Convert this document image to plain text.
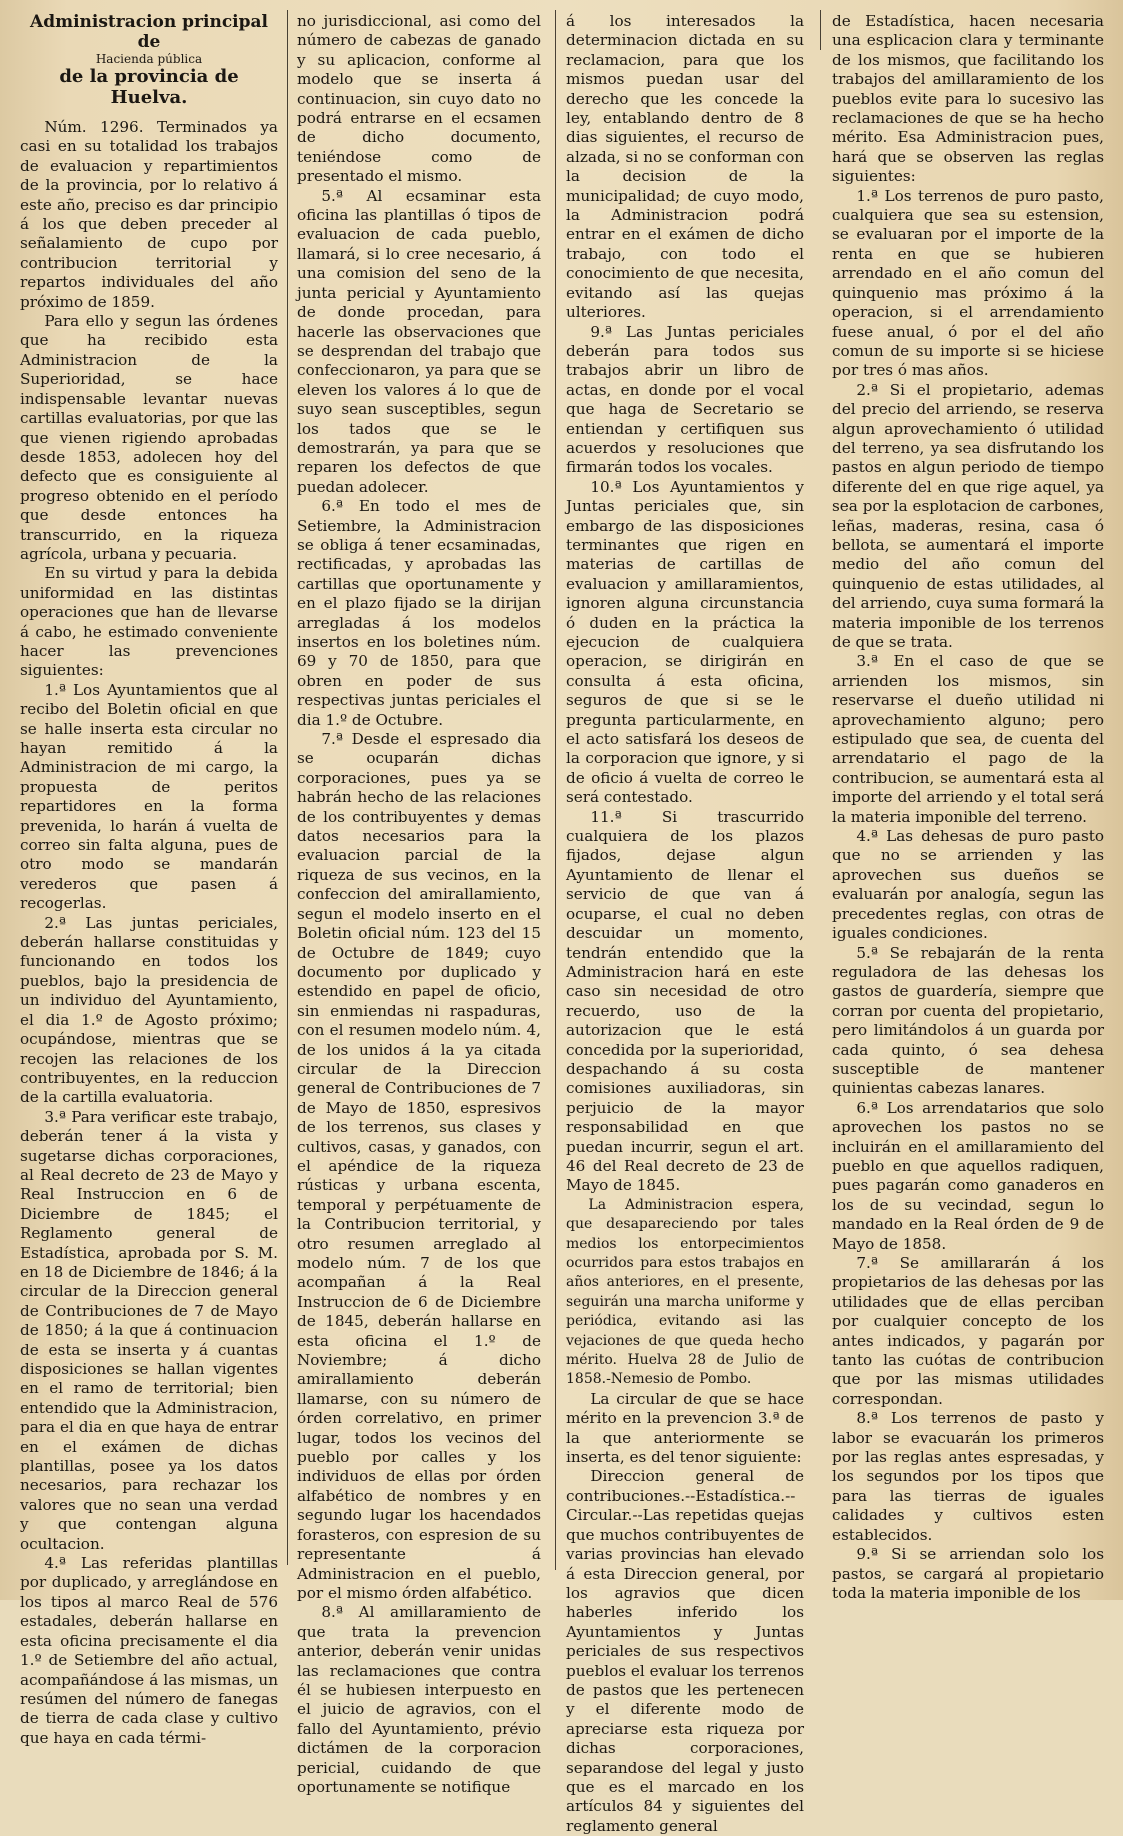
Administracion principal de
Hacienda pública
de la provincia de Huelva.

Núm. 1296. Terminados ya casi en su totalidad los trabajos de evaluacion y repartimientos de la provincia, por lo relativo á este año, preciso es dar principio á los que deben preceder al señalamiento de cupo por contribucion territorial y repartos individuales del año próximo de 1859.

Para ello y segun las órdenes que ha recibido esta Administracion de la Superioridad, se hace indispensable levantar nuevas cartillas evaluatorias, por que las que vienen rigiendo aprobadas desde 1853, adolecen hoy del defecto que es consiguiente al progreso obtenido en el período que desde entonces ha transcurrido, en la riqueza agrícola, urbana y pecuaria.

En su virtud y para la debida uniformidad en las distintas operaciones que han de llevarse á cabo, he estimado conveniente hacer las prevenciones siguientes:

1.ª Los Ayuntamientos que al recibo del Boletin oficial en que se halle inserta esta circular no hayan remitido á la Administracion de mi cargo, la propuesta de peritos repartidores en la forma prevenida, lo harán á vuelta de correo sin falta alguna, pues de otro modo se mandarán verederos que pasen á recogerlas.

2.ª Las juntas periciales, deberán hallarse constituidas y funcionando en todos los pueblos, bajo la presidencia de un individuo del Ayuntamiento, el dia 1.º de Agosto próximo; ocupándose, mientras que se recojen las relaciones de los contribuyentes, en la reduccion de la cartilla evaluatoria.

3.ª Para verificar este trabajo, deberán tener á la vista y sugetarse dichas corporaciones, al Real decreto de 23 de Mayo y Real Instruccion en 6 de Diciembre de 1845; el Reglamento general de Estadística, aprobada por S. M. en 18 de Diciembre de 1846; á la circular de la Direccion general de Contribuciones de 7 de Mayo de 1850; á la que á continuacion de esta se inserta y á cuantas disposiciones se hallan vigentes en el ramo de territorial; bien entendido que la Administracion, para el dia en que haya de entrar en el exámen de dichas plantillas, posee ya los datos necesarios, para rechazar los valores que no sean una verdad y que contengan alguna ocultacion.

4.ª Las referidas plantillas por duplicado, y arreglándose en los tipos al marco Real de 576 estadales, deberán hallarse en esta oficina precisamente el dia 1.º de Setiembre del año actual, acompañándose á las mismas, un resúmen del número de fanegas de tierra de cada clase y cultivo que haya en cada térmi-

no jurisdiccional, asi como del número de cabezas de ganado y su aplicacion, conforme al modelo que se inserta á continuacion, sin cuyo dato no podrá entrarse en el ecsamen de dicho documento, teniéndose como de presentado el mismo.

5.ª Al ecsaminar esta oficina las plantillas ó tipos de evaluacion de cada pueblo, llamará, si lo cree necesario, á una comision del seno de la junta pericial y Ayuntamiento de donde procedan, para hacerle las observaciones que se desprendan del trabajo que confeccionaron, ya para que se eleven los valores á lo que de suyo sean susceptibles, segun los tados que se le demostrarán, ya para que se reparen los defectos de que puedan adolecer.

6.ª En todo el mes de Setiembre, la Administracion se obliga á tener ecsaminadas, rectificadas, y aprobadas las cartillas que oportunamente y en el plazo fijado se la dirijan arregladas á los modelos insertos en los boletines núm. 69 y 70 de 1850, para que obren en poder de sus respectivas juntas periciales el dia 1.º de Octubre.

7.ª Desde el espresado dia se ocuparán dichas corporaciones, pues ya se habrán hecho de las relaciones de los contribuyentes y demas datos necesarios para la evaluacion parcial de la riqueza de sus vecinos, en la confeccion del amirallamiento, segun el modelo inserto en el Boletin oficial núm. 123 del 15 de Octubre de 1849; cuyo documento por duplicado y estendido en papel de oficio, sin enmiendas ni raspaduras, con el resumen modelo núm. 4, de los unidos á la ya citada circular de la Direccion general de Contribuciones de 7 de Mayo de 1850, espresivos de los terrenos, sus clases y cultivos, casas, y ganados, con el apéndice de la riqueza rústicas y urbana escenta, temporal y perpétuamente de la Contribucion territorial, y otro resumen arreglado al modelo núm. 7 de los que acompañan á la Real Instruccion de 6 de Diciembre de 1845, deberán hallarse en esta oficina el 1.º de Noviembre; á dicho amirallamiento deberán llamarse, con su número de órden correlativo, en primer lugar, todos los vecinos del pueblo por calles y los individuos de ellas por órden alfabético de nombres y en segundo lugar los hacendados forasteros, con espresion de su representante á Administracion en el pueblo, por el mismo órden alfabético.

8.ª Al amillaramiento de que trata la prevencion anterior, deberán venir unidas las reclamaciones que contra él se hubiesen interpuesto en el juicio de agravios, con el fallo del Ayuntamiento, prévio dictámen de la corporacion pericial, cuidando de que oportunamente se notifique

á los interesados la determinacion dictada en su reclamacion, para que los mismos puedan usar del derecho que les concede la ley, entablando dentro de 8 dias siguientes, el recurso de alzada, si no se conforman con la decision de la municipalidad; de cuyo modo, la Administracion podrá entrar en el exámen de dicho trabajo, con todo el conocimiento de que necesita, evitando así las quejas ulteriores.

9.ª Las Juntas periciales deberán para todos sus trabajos abrir un libro de actas, en donde por el vocal que haga de Secretario se entiendan y certifiquen sus acuerdos y resoluciones que firmarán todos los vocales.

10.ª Los Ayuntamientos y Juntas periciales que, sin embargo de las disposiciones terminantes que rigen en materias de cartillas de evaluacion y amillaramientos, ignoren alguna circunstancia ó duden en la práctica la ejecucion de cualquiera operacion, se dirigirán en consulta á esta oficina, seguros de que si se le pregunta particularmente, en el acto satisfará los deseos de la corporacion que ignore, y si de oficio á vuelta de correo le será contestado.

11.ª Si trascurrido cualquiera de los plazos fijados, dejase algun Ayuntamiento de llenar el servicio de que van á ocuparse, el cual no deben descuidar un momento, tendrán entendido que la Administracion hará en este caso sin necesidad de otro recuerdo, uso de la autorizacion que le está concedida por la superioridad, despachando á su costa comisiones auxiliadoras, sin perjuicio de la mayor responsabilidad en que puedan incurrir, segun el art. 46 del Real decreto de 23 de Mayo de 1845.

La Administracion espera, que desapareciendo por tales medios los entorpecimientos ocurridos para estos trabajos en años anteriores, en el presente, seguirán una marcha uniforme y periódica, evitando asi las vejaciones de que queda hecho mérito. Huelva 28 de Julio de 1858.-Nemesio de Pombo.

La circular de que se hace mérito en la prevencion 3.ª de la que anteriormente se inserta, es del tenor siguiente:

Direccion general de contribuciones.--Estadística.--Circular.--Las repetidas quejas que muchos contribuyentes de varias provincias han elevado á esta Direccion general, por los agravios que dicen haberles inferido los Ayuntamientos y Juntas periciales de sus respectivos pueblos el evaluar los terrenos de pastos que les pertenecen y el diferente modo de apreciarse esta riqueza por dichas corporaciones, separandose del legal y justo que es el marcado en los artículos 84 y siguientes del reglamento general

de Estadística, hacen necesaria una esplicacion clara y terminante de los mismos, que facilitando los trabajos del amillaramiento de los pueblos evite para lo sucesivo las reclamaciones de que se ha hecho mérito. Esa Administracion pues, hará que se observen las reglas siguientes:

1.ª Los terrenos de puro pasto, cualquiera que sea su estension, se evaluaran por el importe de la renta en que se hubieren arrendado en el año comun del quinquenio mas próximo á la operacion, si el arrendamiento fuese anual, ó por el del año comun de su importe si se hiciese por tres ó mas años.

2.ª Si el propietario, ademas del precio del arriendo, se reserva algun aprovechamiento ó utilidad del terreno, ya sea disfrutando los pastos en algun periodo de tiempo diferente del en que rige aquel, ya sea por la esplotacion de carbones, leñas, maderas, resina, casa ó bellota, se aumentará el importe medio del año comun del quinquenio de estas utilidades, al del arriendo, cuya suma formará la materia imponible de los terrenos de que se trata.

3.ª En el caso de que se arrienden los mismos, sin reservarse el dueño utilidad ni aprovechamiento alguno; pero estipulado que sea, de cuenta del arrendatario el pago de la contribucion, se aumentará esta al importe del arriendo y el total será la materia imponible del terreno.

4.ª Las dehesas de puro pasto que no se arrienden y las aprovechen sus dueños se evaluarán por analogía, segun las precedentes reglas, con otras de iguales condiciones.

5.ª Se rebajarán de la renta reguladora de las dehesas los gastos de guardería, siempre que corran por cuenta del propietario, pero limitándolos á un guarda por cada quinto, ó sea dehesa susceptible de mantener quinientas cabezas lanares.

6.ª Los arrendatarios que solo aprovechen los pastos no se incluirán en el amillaramiento del pueblo en que aquellos radiquen, pues pagarán como ganaderos en los de su vecindad, segun lo mandado en la Real órden de 9 de Mayo de 1858.

7.ª Se amillararán á los propietarios de las dehesas por las utilidades que de ellas perciban por cualquier concepto de los antes indicados, y pagarán por tanto las cuótas de contribucion que por las mismas utilidades correspondan.

8.ª Los terrenos de pasto y labor se evacuarán los primeros por las reglas antes espresadas, y los segundos por los tipos que para las tierras de iguales calidades y cultivos esten establecidos.

9.ª Si se arriendan solo los pastos, se cargará al propietario toda la materia imponible de los
